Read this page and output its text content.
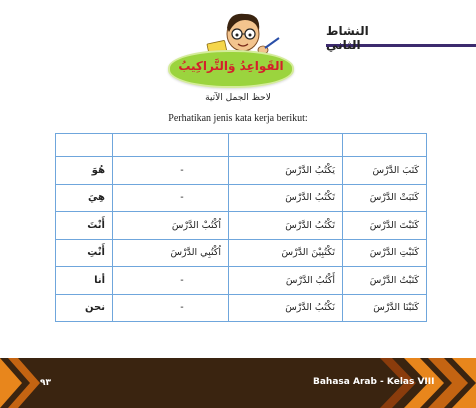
النشاط الثاني
القَواعِدُ وَالتَّراكِيبُ
لاحظ الجمل الآتية
Perhatikan jenis kata kerja berikut:

هُوَ	-	يَكْتُبُ الدَّرْسَ	كَتَبَ الدَّرْسَ
هِيَ	-	تَكْتُبُ الدَّرْسَ	كَتَبَتْ الدَّرْسَ
أَنْتَ	اُكْتُبْ الدَّرْسَ	تَكْتُبُ الدَّرْسَ	كَتَبْتَ الدَّرْسَ
أَنْتِ	اُكْتُبِي الدَّرْسَ	تَكْتُبِيْنَ الدَّرْسَ	كَتَبْتِ الدَّرْسَ
أنا	-	أَكْتُبُ الدَّرْسَ	كَتَبْتُ الدَّرْسَ
نحن	-	نَكْتُبُ الدَّرْسَ	كَتَبْنَا الدَّرْسَ
٩٣	Bahasa Arab - Kelas VIII
